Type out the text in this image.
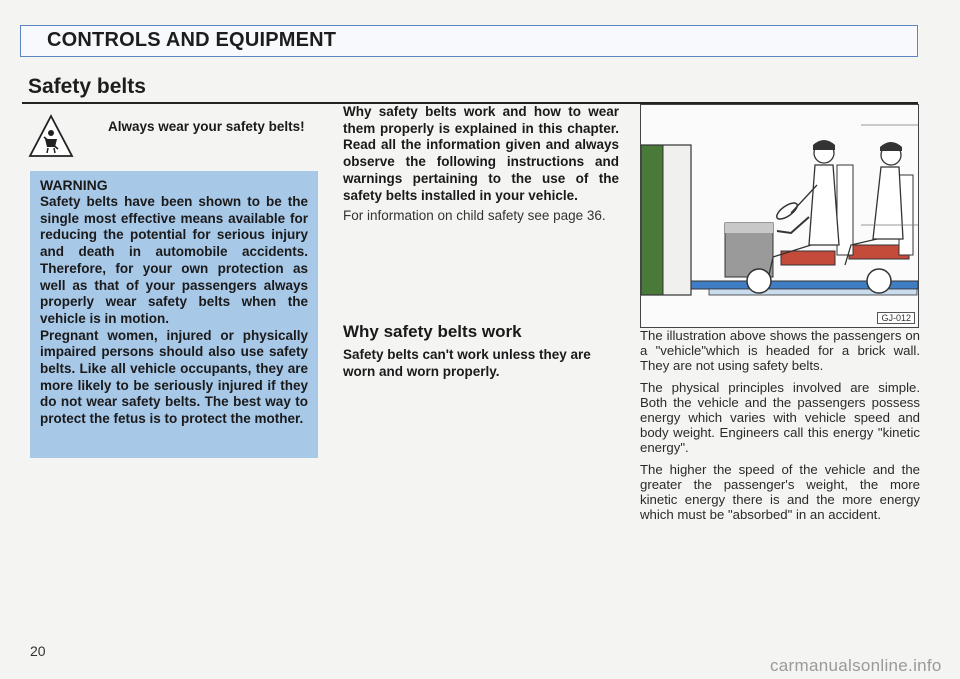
CONTROLS AND EQUIPMENT
Safety belts
Always wear your safety belts!
WARNING

Safety belts have been shown to be the single most effective means available for reducing the potential for serious injury and death in automobile accidents. Therefore, for your own protection as well as that of your passengers always properly wear safety belts when the vehicle is in motion.

Pregnant women, injured or physically impaired persons should also use safety belts. Like all vehicle occupants, they are more likely to be seriously injured if they do not wear safety belts. The best way to protect the fetus is to protect the mother.

Why safety belts work and how to wear them properly is explained in this chapter. Read all the information given and always observe the following instructions and warnings pertaining to the use of the safety belts installed in your vehicle.

For information on child safety see page 36.

Why safety belts work

Safety belts can't work unless they are worn and worn properly.

GJ-012

The illustration above shows the passengers on a "vehicle"which is headed for a brick wall. They are not using safety belts.

The physical principles involved are simple. Both the vehicle and the passengers possess energy which varies with vehicle speed and body weight. Engineers call this energy "kinetic energy".

The higher the speed of the vehicle and the greater the passenger's weight, the more kinetic energy there is and the more energy which must be "absorbed" in an accident.

20
carmanualsonline.info
